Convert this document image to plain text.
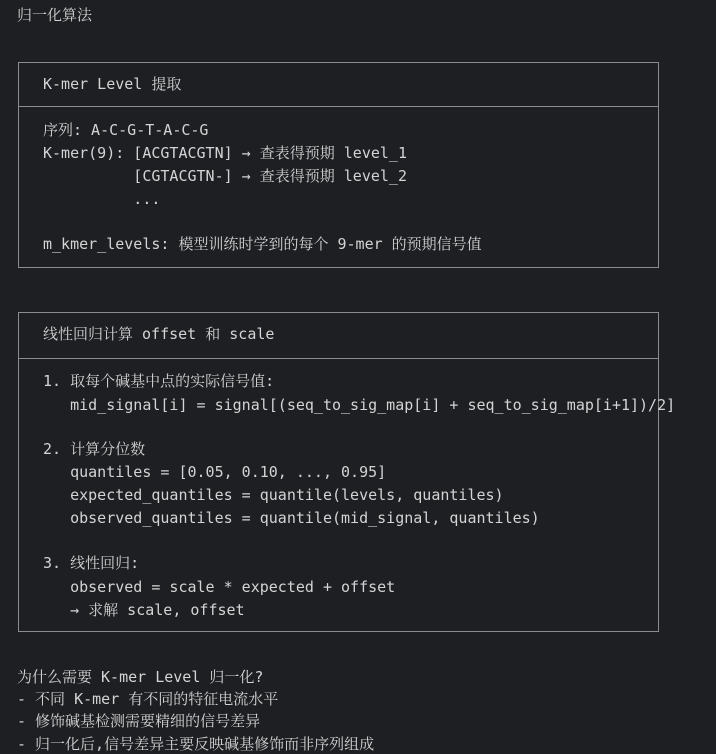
归一化算法
K-mer Level 提取
序列: A-C-G-T-A-C-G
K-mer(9): [ACGTACGTN] → 查表得预期 level_1
[CGTACGTN-] → 查表得预期 level_2
...
m_kmer_levels: 模型训练时学到的每个 9-mer 的预期信号值
线性回归计算 offset 和 scale
1. 取每个碱基中点的实际信号值:
mid_signal[i] = signal[(seq_to_sig_map[i] + seq_to_sig_map[i+1])/2]
2. 计算分位数
quantiles = [0.05, 0.10, ..., 0.95]
expected_quantiles = quantile(levels, quantiles)
observed_quantiles = quantile(mid_signal, quantiles)
3. 线性回归:
observed = scale * expected + offset
→ 求解 scale, offset
为什么需要 K-mer Level 归一化?
- 不同 K-mer 有不同的特征电流水平
- 修饰碱基检测需要精细的信号差异
- 归一化后,信号差异主要反映碱基修饰而非序列组成
